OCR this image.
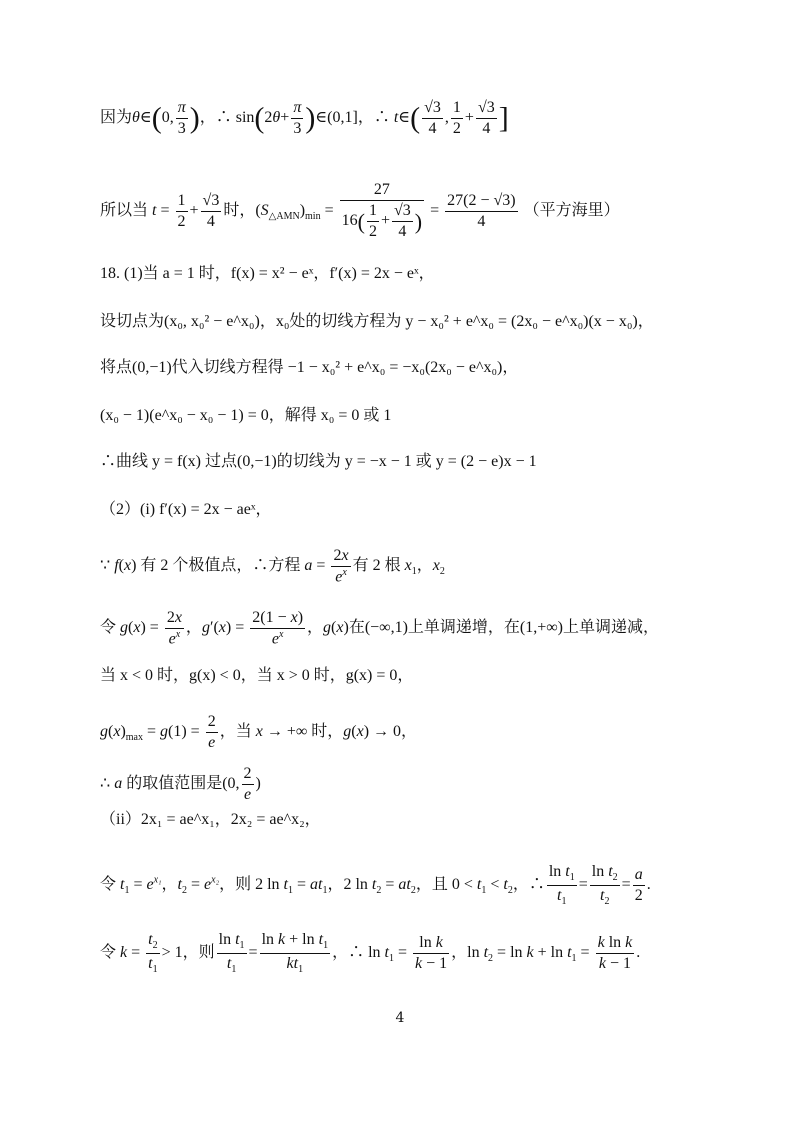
因为θ∈(0, $\frac{\pi}{3}$ )，∴ $\sin(2\theta+ \frac{\pi}{3}$ )∈(0,1]，∴ t∈( $\frac{√3}{4}$ , $\frac{1}{2} + \frac{√3}{4}$ ]
所以当 $t = \frac{1}{2} + \frac{√3}{4}$ 时，$(S_{\triangle AMN})_{min} = \frac{27}{16( \frac{1}{2} + \frac{√3}{4} )} = \frac{27(2 - √3)}{4}$ （平方海里）
18. (1)当 a = 1 时，f(x) = x² − eˣ，f′(x) = 2x − eˣ，
设切点为(x₀, x₀² − e^x₀)，x₀处的切线方程为 y − x₀² + e^x₀ = (2x₀ − e^x₀)(x − x₀)，
将点(0,−1)代入切线方程得 −1 − x₀² + e^x₀ = −x₀(2x₀ − e^x₀)，
(x₀ − 1)(e^x₀ − x₀ − 1) = 0，解得 x₀ = 0 或 1
∴曲线 y = f(x) 过点(0,−1)的切线为 y = −x − 1 或 y = (2 − e)x − 1
（2）(i) f′(x) = 2x − aeˣ，
∵ f(x) 有 2 个极值点，∴方程 $a = \frac{2x}{e^x}$ 有 2 根 $x_1$，$x_2$
令 $g(x) = \frac{2x}{e^x}$ ，$g'(x) = \frac{2(1 - x)}{e^x}$ ，g(x)在(−∞,1)上单调递增，在(1,+∞)上单调递减，
当 x < 0 时，g(x) < 0，当 x > 0 时，g(x) = 0，
$g(x)_{max} = g(1) = \frac{2}{e}$ ，当 x → +∞ 时，g(x) → 0，
∴ a 的取值范围是(0, $\frac{2}{e}$ )
（ii）2x₁ = ae^x₁，2x₂ = ae^x₂，
令 $t_1 = e^{x_1}$，$t_2 = e^{x_2}$，则 2 $\ln t_1 = at_1$，2 $\ln t_2 = at_2$，且 $0 < t_1 < t_2$，∴ $\frac{\ln t_1}{t_1} = \frac{\ln t_2}{t_2} = \frac{a}{2}$ .
令 $k = \frac{t_2}{t_1} > 1$，则 $\frac{\ln t_1}{t_1} = \frac{\ln k + \ln t_1}{kt_1}$ ，∴ $\ln t_1 = \frac{\text{ln k}}{k - 1}$ ，$\ln t_2 = \ln k + \ln t_1 = \frac{\text{k ln k}}{k - 1}$ .
4
